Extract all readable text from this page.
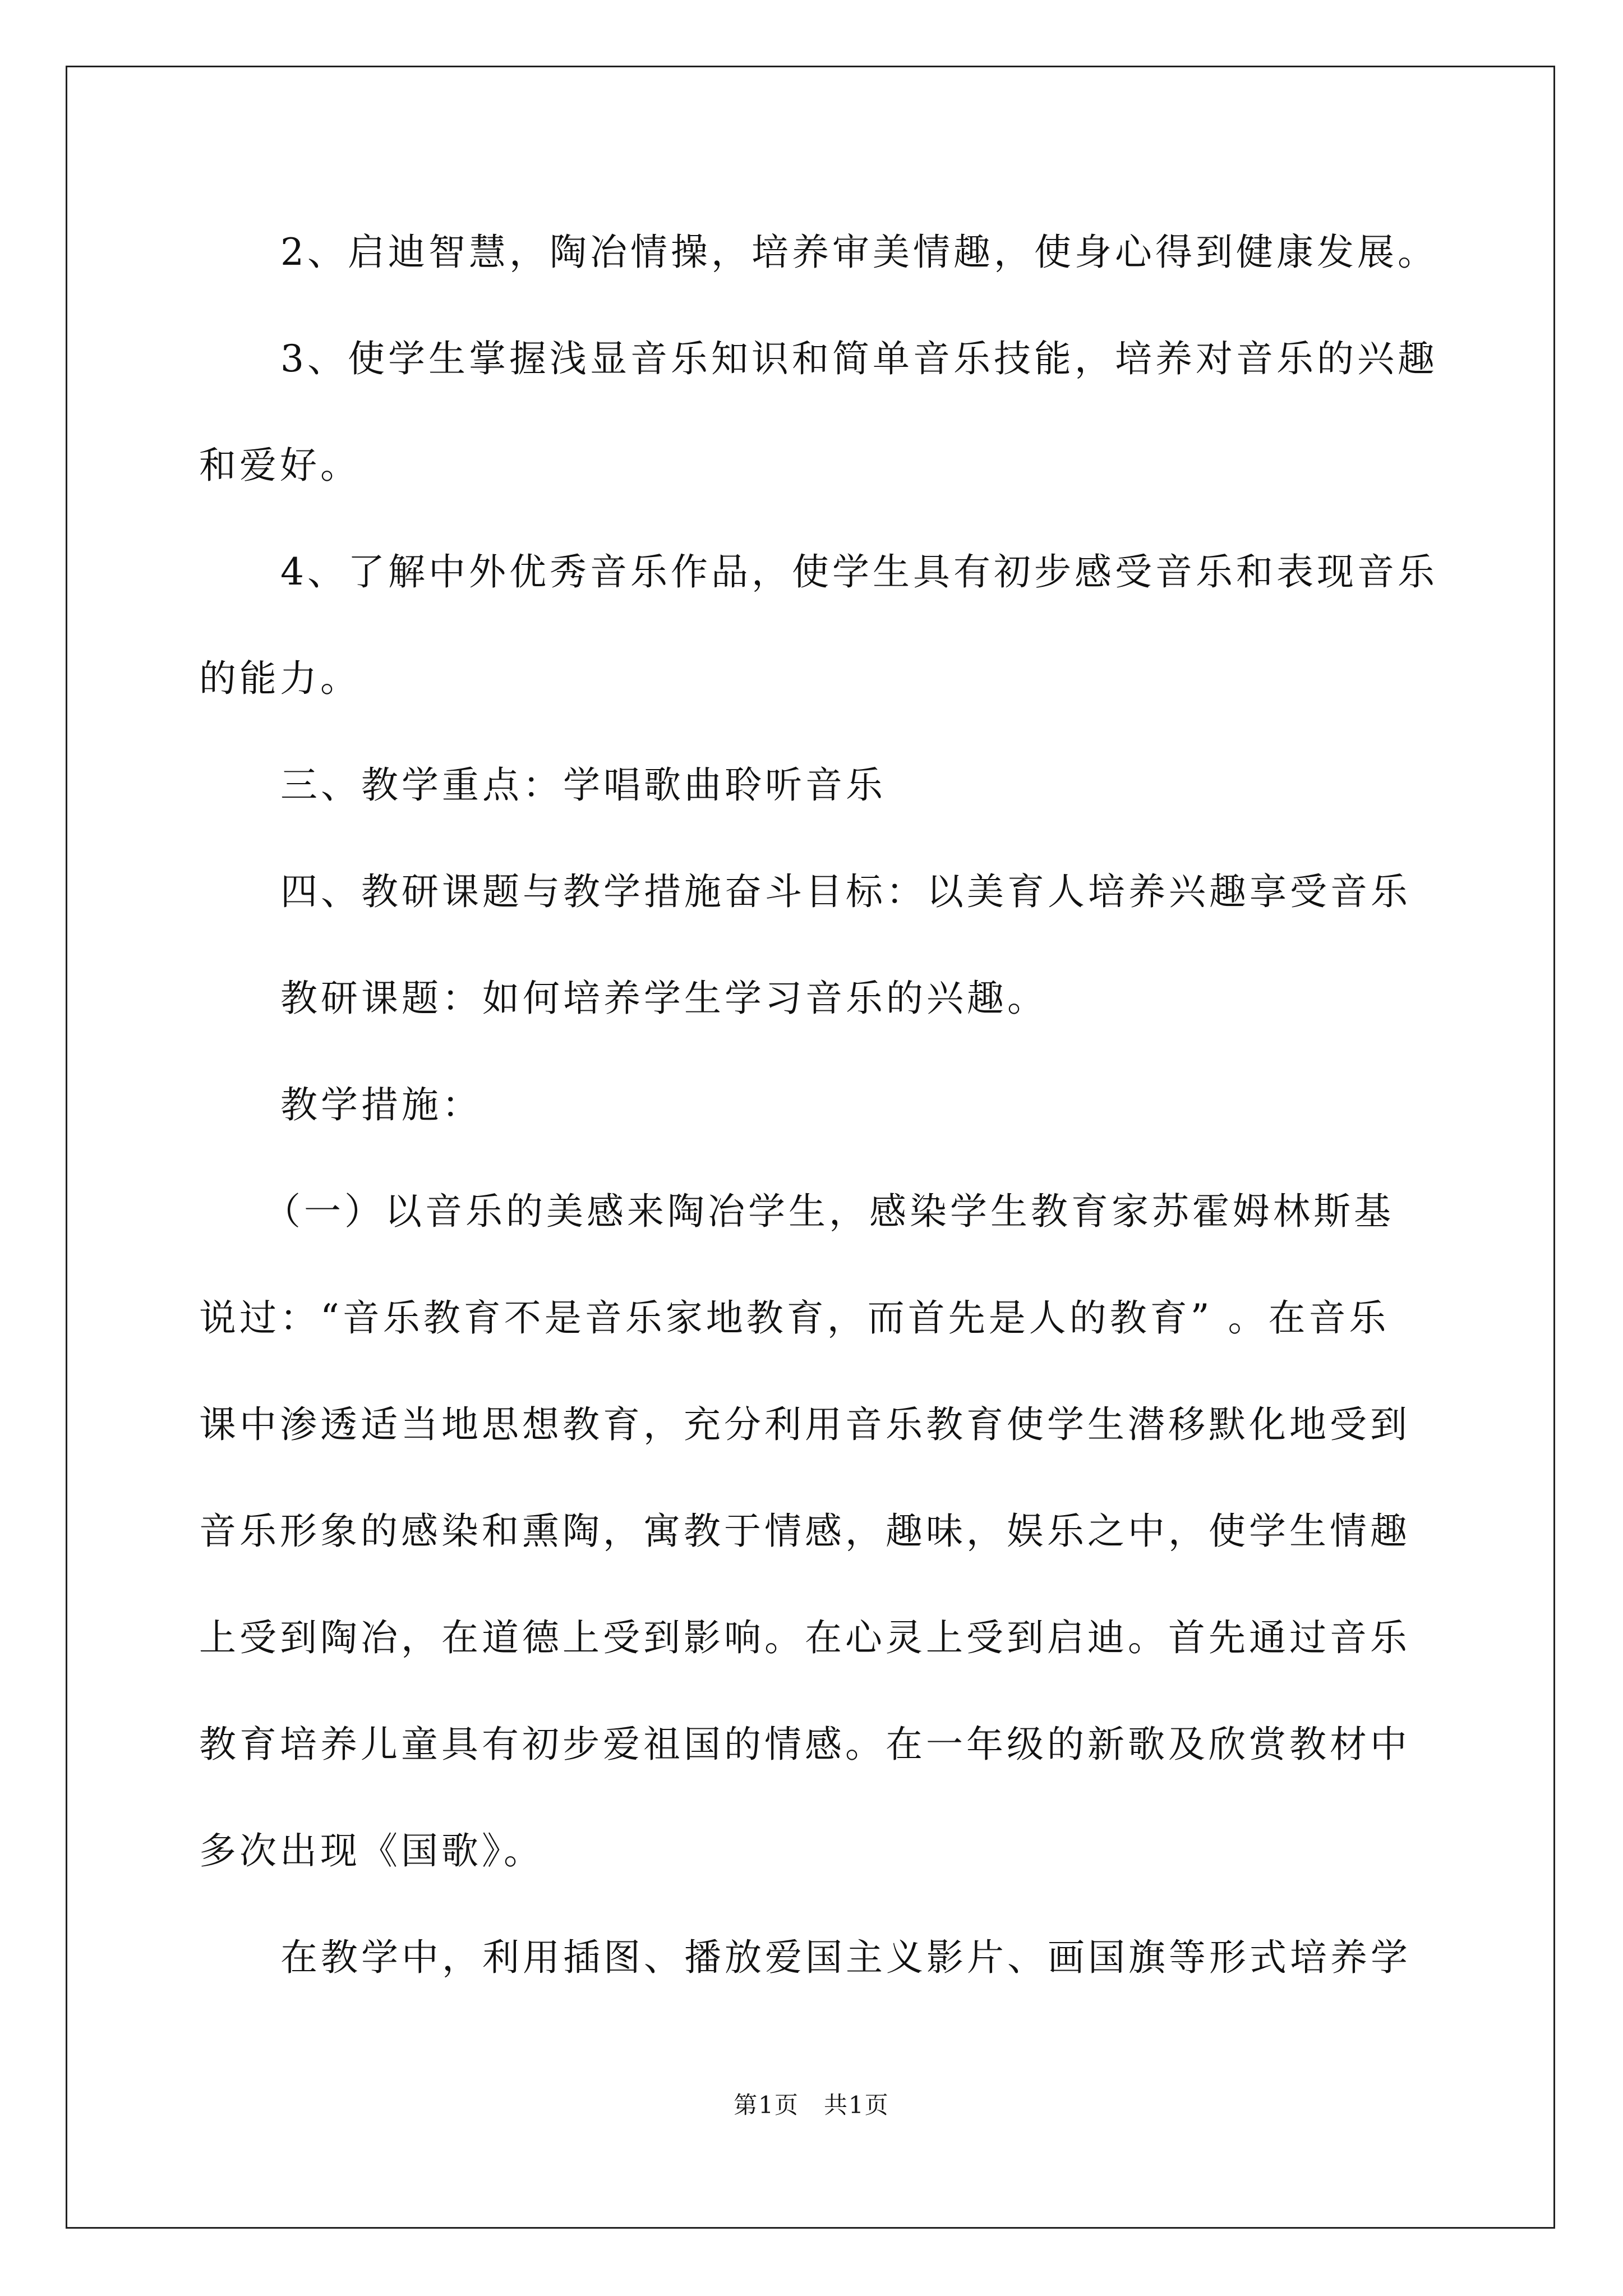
2、启迪智慧，陶冶情操，培养审美情趣，使身心得到健康发展。
3、使学生掌握浅显音乐知识和简单音乐技能，培养对音乐的兴趣
和爱好。
4、了解中外优秀音乐作品，使学生具有初步感受音乐和表现音乐
的能力。
三、教学重点：学唱歌曲聆听音乐
四、教研课题与教学措施奋斗目标：以美育人培养兴趣享受音乐
教研课题：如何培养学生学习音乐的兴趣。
教学措施：
（一）以音乐的美感来陶冶学生，感染学生教育家苏霍姆林斯基
说过：“音乐教育不是音乐家地教育，而首先是人的教育” 。在音乐
课中渗透适当地思想教育，充分利用音乐教育使学生潜移默化地受到
音乐形象的感染和熏陶，寓教于情感，趣味，娱乐之中，使学生情趣
上受到陶冶，在道德上受到影响。在心灵上受到启迪。首先通过音乐
教育培养儿童具有初步爱祖国的情感。在一年级的新歌及欣赏教材中
多次出现《国歌》。
在教学中，利用插图、播放爱国主义影片、画国旗等形式培养学
第1页　共1页
